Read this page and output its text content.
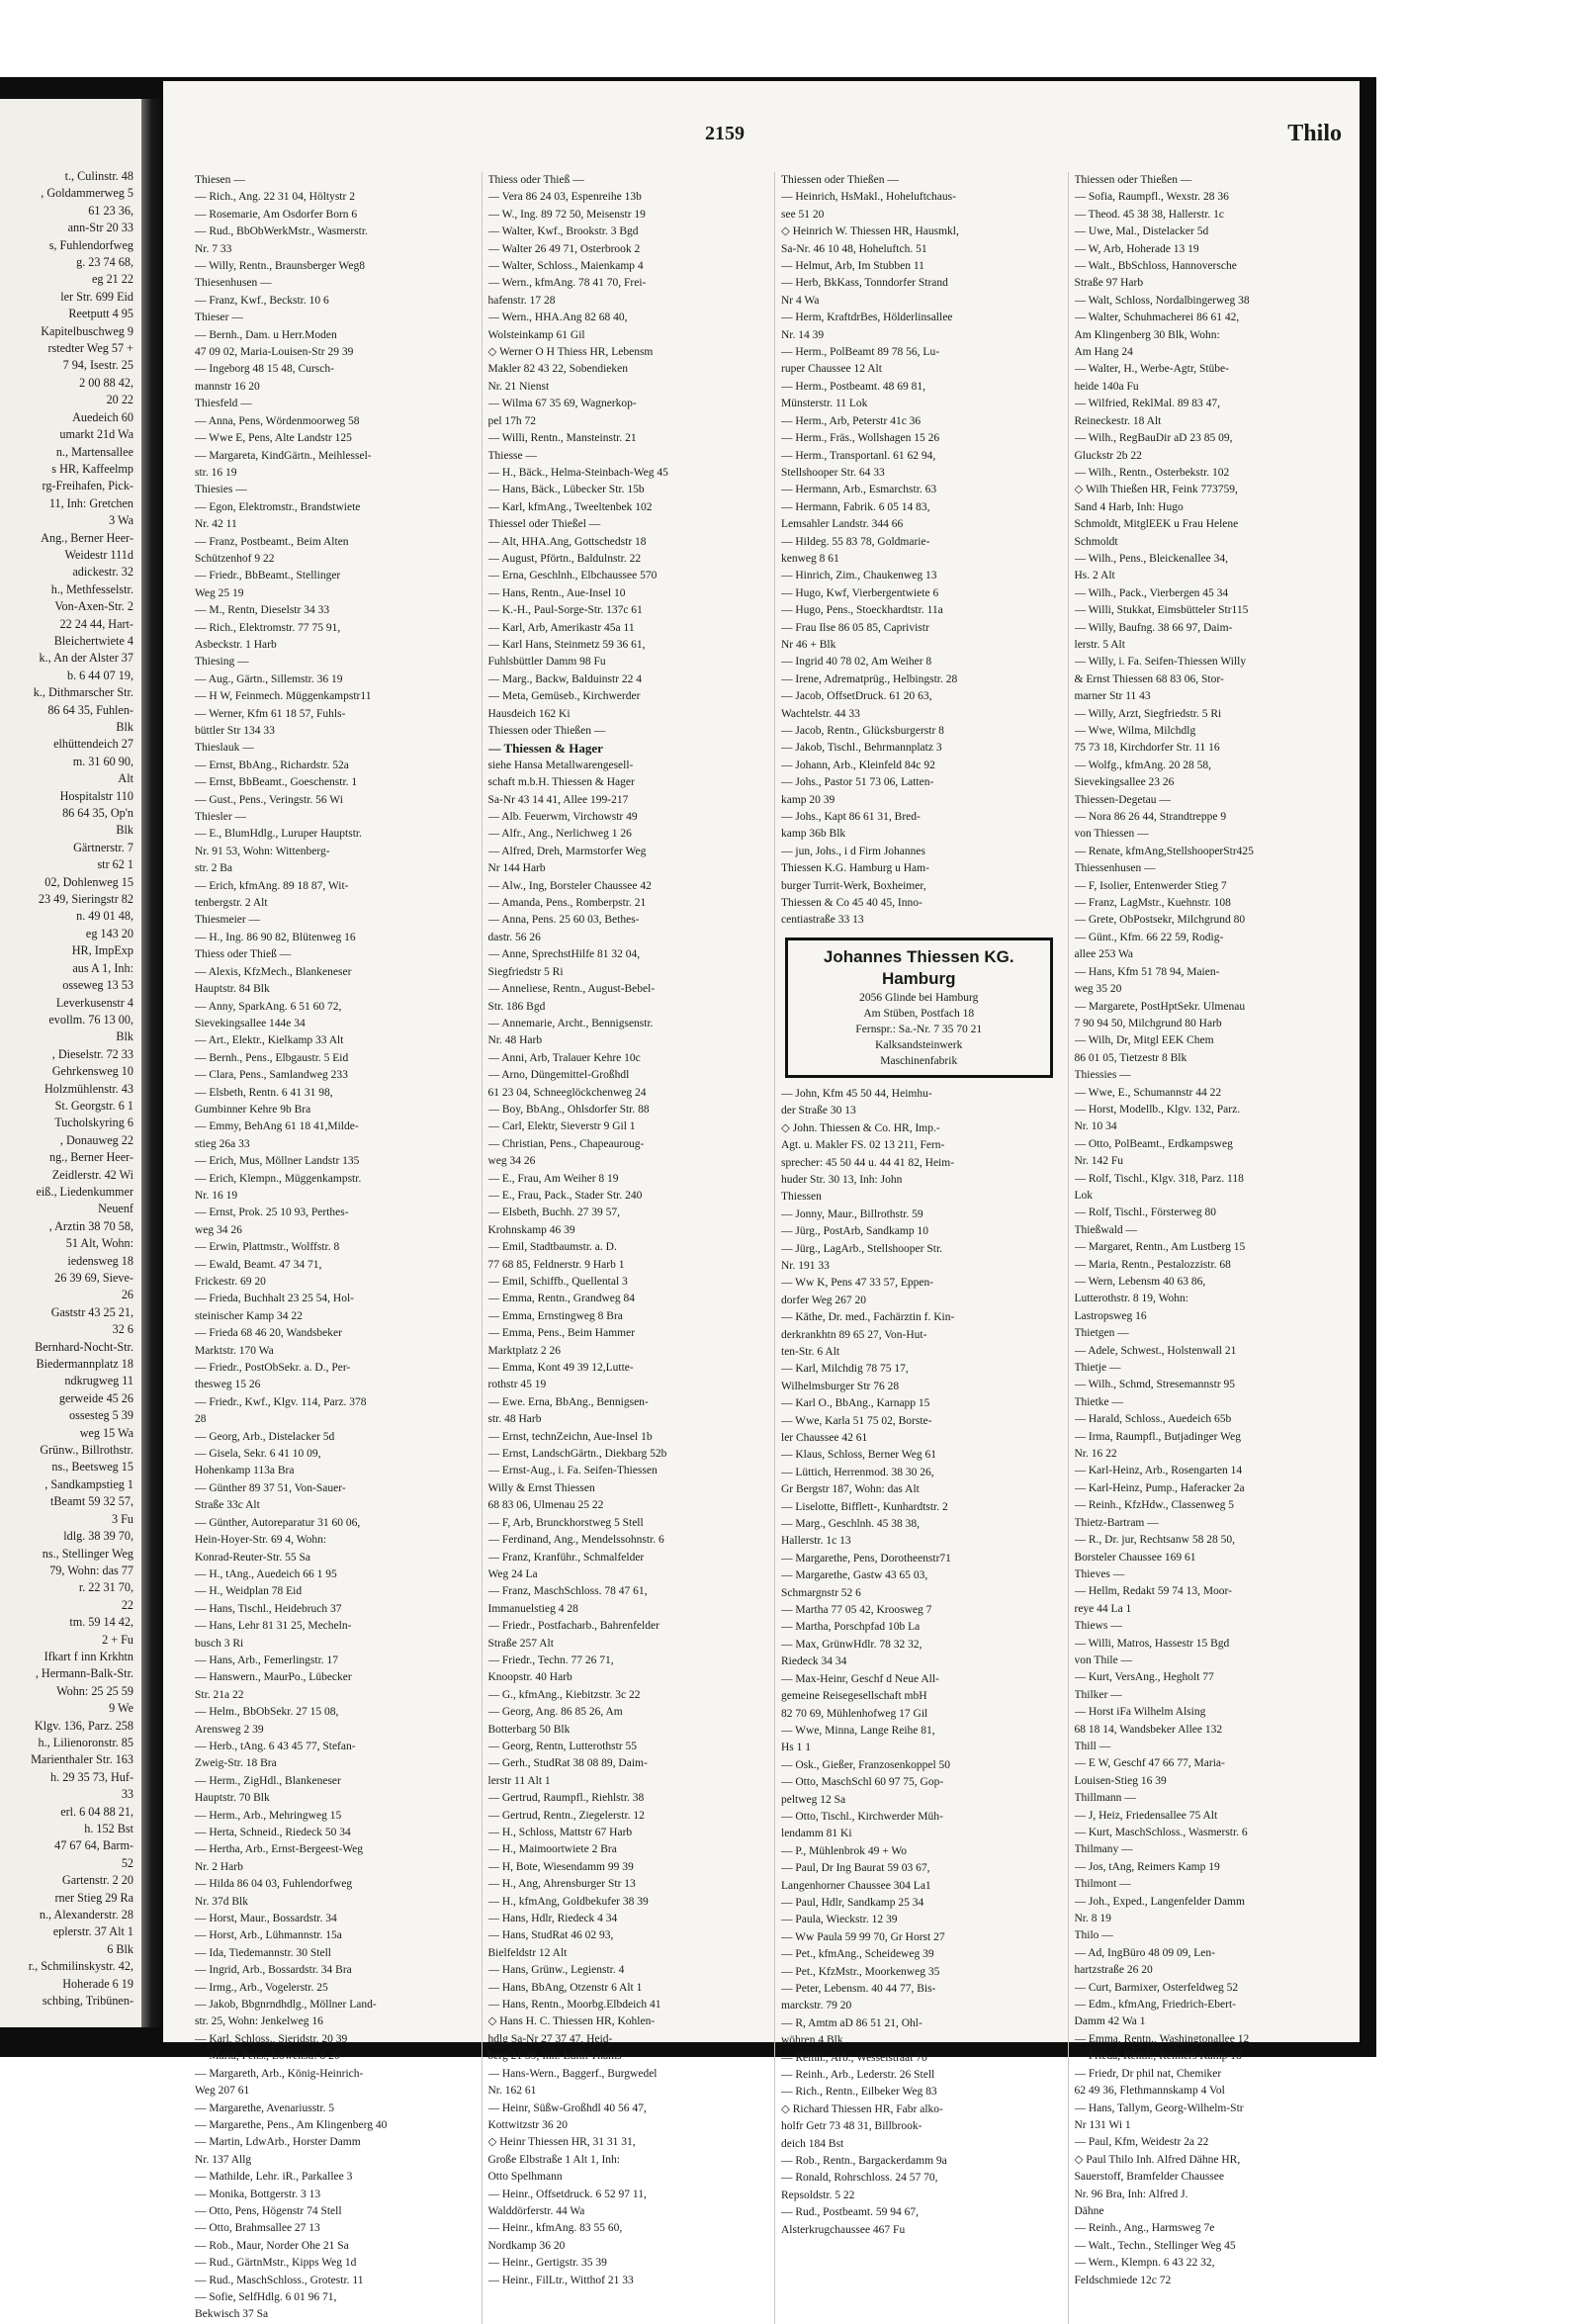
t., Culinstr. 48
, Goldammerweg 5
61 23 36,
ann-Str 20 33
s, Fuhlendorfweg
g. 23 74 68,
eg 21 22
ler Str. 699 Eid
Reetputt 4 95
Kapitelbuschweg 9
rstedter Weg 57 +
7 94, Isestr. 25
2 00 88 42,
20 22
Auedeich 60
umarkt 21d Wa
n., Martensallee
s HR, Kaffeelmp
rg-Freihafen, Pick-
11, Inh: Gretchen
3 Wa
Ang., Berner Heer-
Weidestr 111d
adickestr. 32
h., Methfesselstr.
Von-Axen-Str. 2
22 24 44, Hart-
Bleichertwiete 4
k., An der Alster 37
b. 6 44 07 19,
k., Dithmarscher Str.
86 64 35, Fuhlen-
Blk
elhüttendeich 27
m. 31 60 90,
Alt
Hospitalstr 110
86 64 35, Op'n
Blk
Gärtnerstr. 7
str 62 1
02, Dohlenweg 15
23 49, Sieringstr 82
n. 49 01 48,
eg 143 20
HR, ImpExp
aus A 1, Inh:
osseweg 13 53
Leverkusenstr 4
evollm. 76 13 00,
Blk
, Dieselstr. 72 33
Gehrkensweg 10
Holzmühlenstr. 43
St. Georgstr. 6 1
Tucholskyring 6
, Donauweg 22
ng., Berner Heer-
Zeidlerstr. 42 Wi
eiß., Liedenkummer
Neuenf
, Arztin 38 70 58,
51 Alt, Wohn:
iedensweg 18
26 39 69, Sieve-
26
Gaststr 43 25 21,
32 6
Bernhard-Nocht-Str.
Biedermannplatz 18
ndkrugweg 11
gerweide 45 26
ossesteg 5 39
weg 15 Wa
Grünw., Billrothstr.
ns., Beetsweg 15
, Sandkampstieg 1
tBeamt 59 32 57,
3 Fu
ldlg. 38 39 70,
ns., Stellinger Weg
79, Wohn: das 77
r. 22 31 70,
22
tm. 59 14 42,
2 + Fu
Ifkart f inn Krkhtn
, Hermann-Balk-Str.
Wohn: 25 25 59
9 We
Klgv. 136, Parz. 258
h., Lilienoronstr. 85
Marienthaler Str. 163
h. 29 35 73, Huf-
33
erl. 6 04 88 21,
h. 152 Bst
47 67 64, Barm-
52
Gartenstr. 2 20
rner Stieg 29 Ra
n., Alexanderstr. 28
eplerstr. 37 Alt 1
6 Blk
r., Schmilinskystr. 42,
Hoherade 6 19
schbing, Tribünen-
2159	Thilo
Thiesen —
— Rich., Ang. 22 31 04, Höltystr 2
— Rosemarie, Am Osdorfer Born 6
— Rud., BbObWerkMstr., Wasmerstr.
Nr. 7 33
— Willy, Rentn., Braunsberger Weg8
Thiesenhusen —
— Franz, Kwf., Beckstr. 10 6
Thieser —
— Bernh., Dam. u Herr.Moden
47 09 02, Maria-Louisen-Str 29 39
— Ingeborg 48 15 48, Cursch-
mannstr 16 20
Thiesfeld —
— Anna, Pens, Wördenmoorweg 58
— Wwe E, Pens, Alte Landstr 125
— Margareta, KindGärtn., Meihlessel-
str. 16 19
Thiesies —
— Egon, Elektromstr., Brandstwiete
Nr. 42 11
— Franz, Postbeamt., Beim Alten
Schützenhof 9 22
— Friedr., BbBeamt., Stellinger
Weg 25 19
— M., Rentn, Dieselstr 34 33
— Rich., Elektromstr. 77 75 91,
Asbeckstr. 1 Harb
Thiesing —
— Aug., Gärtn., Sillemstr. 36 19
— H W, Feinmech. Müggenkampstr11
— Werner, Kfm 61 18 57, Fuhls-
büttler Str 134 33
Thieslauk —
— Ernst, BbAng., Richardstr. 52a
— Ernst, BbBeamt., Goeschenstr. 1
— Gust., Pens., Veringstr. 56 Wi
Thiesler —
— E., BlumHdlg., Luruper Hauptstr.
Nr. 91 53, Wohn: Wittenberg-
str. 2 Ba
— Erich, kfmAng. 89 18 87, Wit-
tenbergstr. 2 Alt
Thiesmeier —
— H., Ing. 86 90 82, Blütenweg 16
Thiess oder Thieß —
— Alexis, KfzMech., Blankeneser
Hauptstr. 84 Blk
— Anny, SparkAng. 6 51 60 72,
Sievekingsallee 144e 34
— Art., Elektr., Kielkamp 33 Alt
— Bernh., Pens., Elbgaustr. 5 Eid
— Clara, Pens., Samlandweg 233
— Elsbeth, Rentn. 6 41 31 98,
Gumbinner Kehre 9b Bra
— Emmy, BehAng 61 18 41,Milde-
stieg 26a 33
— Erich, Mus, Möllner Landstr 135
— Erich, Klempn., Müggenkampstr.
Nr. 16 19
— Ernst, Prok. 25 10 93, Perthes-
weg 34 26
— Erwin, Plattmstr., Wolffstr. 8
— Ewald, Beamt. 47 34 71,
Frickestr. 69 20
— Frieda, Buchhalt 23 25 54, Hol-
steinischer Kamp 34 22
— Frieda 68 46 20, Wandsbeker
Marktstr. 170 Wa
— Friedr., PostObSekr. a. D., Per-
thesweg 15 26
— Friedr., Kwf., Klgv. 114, Parz. 378
28
— Georg, Arb., Distelacker 5d
— Gisela, Sekr. 6 41 10 09,
Hohenkamp 113a Bra
— Günther 89 37 51, Von-Sauer-
Straße 33c Alt
— Günther, Autoreparatur 31 60 06,
Hein-Hoyer-Str. 69 4, Wohn:
Konrad-Reuter-Str. 55 Sa
— H., tAng., Auedeich 66 1 95
— H., Weidplan 78 Eid
— Hans, Tischl., Heidebruch 37
— Hans, Lehr 81 31 25, Mecheln-
busch 3 Ri
— Hans, Arb., Femerlingstr. 17
— Hanswern., MaurPo., Lübecker
Str. 21a 22
— Helm., BbObSekr. 27 15 08,
Arensweg 2 39
— Herb., tAng. 6 43 45 77, Stefan-
Zweig-Str. 18 Bra
— Herm., ZigHdl., Blankeneser
Hauptstr. 70 Blk
— Herm., Arb., Mehringweg 15
— Herta, Schneid., Riedeck 50 34
— Hertha, Arb., Ernst-Bergeest-Weg
Nr. 2 Harb
— Hilda 86 04 03, Fuhlendorfweg
Nr. 37d Blk
— Horst, Maur., Bossardstr. 34
— Horst, Arb., Lühmannstr. 15a
— Ida, Tiedemannstr. 30 Stell
— Ingrid, Arb., Bossardstr. 34 Bra
— Irmg., Arb., Vogelerstr. 25
— Jakob, Bbgnrndhdlg., Möllner Land-
str. 25, Wohn: Jenkelweg 16
— Karl, Schloss., Sieridstr. 20 39
— Maria, Pens., Löwenstr. 8 20
— Margareth, Arb., König-Heinrich-
Weg 207 61
— Margarethe, Avenariusstr. 5
— Margarethe, Pens., Am Klingenberg 40
— Martin, LdwArb., Horster Damm
Nr. 137 Allg
— Mathilde, Lehr. iR., Parkallee 3
— Monika, Bottgerstr. 3 13
— Otto, Pens, Högenstr 74 Stell
— Otto, Brahmsallee 27 13
— Rob., Maur, Norder Ohe 21 Sa
— Rud., GärtnMstr., Kipps Weg 1d
— Rud., MaschSchloss., Grotestr. 11
— Sofie, SelfHdlg. 6 01 96 71,
Bekwisch 37 Sa
Thiess oder Thieß —
— Vera 86 24 03, Espenreihe 13b
— W., Ing. 89 72 50, Meisenstr 19
— Walter, Kwf., Brookstr. 3 Bgd
— Walter 26 49 71, Osterbrook 2
— Walter, Schloss., Maienkamp 4
— Wern., kfmAng. 78 41 70, Frei-
hafenstr. 17 28
— Wern., HHA.Ang 82 68 40,
Wolsteinkamp 61 Gil
◇ Werner O H Thiess HR, Lebensm
Makler 82 43 22, Sobendieken
Nr. 21 Nienst
— Wilma 67 35 69, Wagnerkop-
pel 17h 72
— Willi, Rentn., Mansteinstr. 21
Thiesse —
— H., Bäck., Helma-Steinbach-Weg 45
— Hans, Bäck., Lübecker Str. 15b
— Karl, kfmAng., Tweeltenbek 102
Thiessel oder Thießel —
— Alt, HHA.Ang, Gottschedstr 18
— August, Pförtn., Baldulnstr. 22
— Erna, Geschlnh., Elbchaussee 570
— Hans, Rentn., Aue-Insel 10
— K.-H., Paul-Sorge-Str. 137c 61
— Karl, Arb, Amerikastr 45a 11
— Karl Hans, Steinmetz 59 36 61,
Fuhlsbüttler Damm 98 Fu
— Marg., Backw, Balduinstr 22 4
— Meta, Gemüseb., Kirchwerder
Hausdeich 162 Ki
Thiessen oder Thießen —
— Thiessen & Hager
siehe Hansa Metallwarengesell-
schaft m.b.H. Thiessen & Hager
Sa-Nr 43 14 41, Allee 199-217
— Alb. Feuerwm, Virchowstr 49
— Alfr., Ang., Nerlichweg 1 26
— Alfred, Dreh, Marmstorfer Weg
Nr 144 Harb
— Alw., Ing, Borsteler Chaussee 42
— Amanda, Pens., Romberpstr. 21
— Anna, Pens. 25 60 03, Bethes-
dastr. 56 26
— Anne, SprechstHilfe 81 32 04,
Siegfriedstr 5 Ri
— Anneliese, Rentn., August-Bebel-
Str. 186 Bgd
— Annemarie, Archt., Bennigsenstr.
Nr. 48 Harb
— Anni, Arb, Tralauer Kehre 10c
— Arno, Düngemittel-Großhdl
61 23 04, Schneeglöckchenweg 24
— Boy, BbAng., Ohlsdorfer Str. 88
— Carl, Elektr, Sieverstr 9 Gil 1
— Christian, Pens., Chapeauroug-
weg 34 26
— E., Frau, Am Weiher 8 19
— E., Frau, Pack., Stader Str. 240
— Elsbeth, Buchh. 27 39 57,
Krohnskamp 46 39
— Emil, Stadtbaumstr. a. D.
77 68 85, Feldnerstr. 9 Harb 1
— Emil, Schiffb., Quellental 3
— Emma, Rentn., Grandweg 84
— Emma, Ernstingweg 8 Bra
— Emma, Pens., Beim Hammer
Marktplatz 2 26
— Emma, Kont 49 39 12,Lutte-
rothstr 45 19
— Ewe. Erna, BbAng., Bennigsen-
str. 48 Harb
— Ernst, technZeichn, Aue-Insel 1b
— Ernst, LandschGärtn., Diekbarg 52b
— Ernst-Aug., i. Fa. Seifen-Thiessen
Willy & Ernst Thiessen
68 83 06, Ulmenau 25 22
— F, Arb, Brunckhorstweg 5 Stell
— Ferdinand, Ang., Mendelssohnstr. 6
— Franz, Kranführ., Schmalfelder
Weg 24 La
— Franz, MaschSchloss. 78 47 61,
Immanuelstieg 4 28
— Friedr., Postfacharb., Bahrenfelder
Straße 257 Alt
— Friedr., Techn. 77 26 71,
Knoopstr. 40 Harb
— G., kfmAng., Kiebitzstr. 3c 22
— Georg, Ang. 86 85 26, Am
Botterbarg 50 Blk
— Georg, Rentn, Lutterothstr 55
— Gerh., StudRat 38 08 89, Daim-
lerstr 11 Alt 1
— Gertrud, Raumpfl., Riehlstr. 38
— Gertrud, Rentn., Ziegelerstr. 12
— H., Schloss, Mattstr 67 Harb
— H., Maimoortwiete 2 Bra
— H, Bote, Wiesendamm 99 39
— H., Ang, Ahrensburger Str 13
— H., kfmAng, Goldbekufer 38 39
— Hans, Hdlr, Riedeck 4 34
— Hans, StudRat 46 02 93,
Bielfeldstr 12 Alt
— Hans, Grünw., Legienstr. 4
— Hans, BbAng, Otzenstr 6 Alt 1
— Hans, Rentn., Moorbg.Elbdeich 41
◇ Hans H. C. Thiessen HR, Kohlen-
hdlg Sa-Nr 27 37 47, Heid-
berg 21 39, Inh: Edith Thams
— Hans-Wern., Baggerf., Burgwedel
Nr. 162 61
— Heinr, Süßw-Großhdl 40 56 47,
Kottwitzstr 36 20
◇ Heinr Thiessen HR, 31 31 31,
Große Elbstraße 1 Alt 1, Inh:
Otto Spelhmann
— Heinr., Offsetdruck. 6 52 97 11,
Walddörferstr. 44 Wa
— Heinr., kfmAng. 83 55 60,
Nordkamp 36 20
— Heinr., Gertigstr. 35 39
— Heinr., FilLtr., Witthof 21 33
Thiessen oder Thießen —
— Heinrich, HsMakl., Hoheluftchaus-
see 51 20
◇ Heinrich W. Thiessen HR, Hausmkl,
Sa-Nr. 46 10 48, Hoheluftch. 51
— Helmut, Arb, Im Stubben 11
— Herb, BkKass, Tonndorfer Strand
Nr 4 Wa
— Herm, KraftdrBes, Hölderlinsallee
Nr. 14 39
— Herm., PolBeamt 89 78 56, Lu-
ruper Chaussee 12 Alt
— Herm., Postbeamt. 48 69 81,
Münsterstr. 11 Lok
— Herm., Arb, Peterstr 41c 36
— Herm., Fräs., Wollshagen 15 26
— Herm., Transportanl. 61 62 94,
Stellshooper Str. 64 33
— Hermann, Arb., Esmarchstr. 63
— Hermann, Fabrik. 6 05 14 83,
Lemsahler Landstr. 344 66
— Hildeg. 55 83 78, Goldmarie-
kenweg 8 61
— Hinrich, Zim., Chaukenweg 13
— Hugo, Kwf, Vierbergentwiete 6
— Hugo, Pens., Stoeckhardtstr. 11a
— Frau Ilse 86 05 85, Caprivistr
Nr 46 + Blk
— Ingrid 40 78 02, Am Weiher 8
— Irene, Adrematprüg., Helbingstr. 28
— Jacob, OffsetDruck. 61 20 63,
Wachtelstr. 44 33
— Jacob, Rentn., Glücksburgerstr 8
— Jakob, Tischl., Behrmannplatz 3
— Johann, Arb., Kleinfeld 84c 92
— Johs., Pastor 51 73 06, Latten-
kamp 20 39
— Johs., Kapt 86 61 31, Bred-
kamp 36b Blk
— jun, Johs., i d Firm Johannes
Thiessen K.G. Hamburg u Ham-
burger Turrit-Werk, Boxheimer,
Thiessen & Co 45 40 45, Inno-
centiastraße 33 13
Johannes Thiessen KG.
Hamburg
2056 Glinde bei Hamburg
Am Stüben, Postfach 18
Fernspr.: Sa.-Nr. 7 35 70 21
Kalksandsteinwerk
Maschinenfabrik
— John, Kfm 45 50 44, Heimhu-
der Straße 30 13
◇ John. Thiessen & Co. HR, Imp.-
Agt. u. Makler FS. 02 13 211, Fern-
sprecher: 45 50 44 u. 44 41 82, Heim-
huder Str. 30 13, Inh: John
Thiessen
— Jonny, Maur., Billrothstr. 59
— Jürg., PostArb, Sandkamp 10
— Jürg., LagArb., Stellshooper Str.
Nr. 191 33
— Ww K, Pens 47 33 57, Eppen-
dorfer Weg 267 20
— Käthe, Dr. med., Fachärztin f. Kin-
derkrankhtn 89 65 27, Von-Hut-
ten-Str. 6 Alt
— Karl, Milchdig 78 75 17,
Wilhelmsburger Str 76 28
— Karl O., BbAng., Karnapp 15
— Wwe, Karla 51 75 02, Borste-
ler Chaussee 42 61
— Klaus, Schloss, Berner Weg 61
— Lüttich, Herrenmod. 38 30 26,
Gr Bergstr 187, Wohn: das Alt
— Liselotte, Bifflett-, Kunhardtstr. 2
— Marg., Geschlnh. 45 38 38,
Hallerstr. 1c 13
— Margarethe, Pens, Dorotheenstr71
— Margarethe, Gastw 43 65 03,
Schmargnstr 52 6
— Martha 77 05 42, Kroosweg 7
— Martha, Porschpfad 10b La
— Max, GrünwHdlr. 78 32 32,
Riedeck 34 34
— Max-Heinr, Geschf d Neue All-
gemeine Reisegesellschaft mbH
82 70 69, Mühlenhofweg 17 Gil
— Wwe, Minna, Lange Reihe 81,
Hs 1 1
— Osk., Gießer, Franzosenkoppel 50
— Otto, MaschSchl 60 97 75, Gop-
peltweg 12 Sa
— Otto, Tischl., Kirchwerder Müh-
lendamm 81 Ki
— P., Mühlenbrok 49 + Wo
— Paul, Dr Ing Baurat 59 03 67,
Langenhorner Chaussee 304 La1
— Paul, Hdlr, Sandkamp 25 34
— Paula, Wieckstr. 12 39
— Ww Paula 59 99 70, Gr Horst 27
— Pet., kfmAng., Scheideweg 39
— Pet., KfzMstr., Moorkenweg 35
— Peter, Lebensm. 40 44 77, Bis-
marckstr. 79 20
— R, Amtm aD 86 51 21, Ohl-
wöhren 4 Blk
— Reinh., Arb., Wesselstraat 70
— Reinh., Arb., Lederstr. 26 Stell
— Rich., Rentn., Eilbeker Weg 83
◇ Richard Thiessen HR, Fabr alko-
holfr Getr 73 48 31, Billbrook-
deich 184 Bst
— Rob., Rentn., Bargackerdamm 9a
— Ronald, Rohrschloss. 24 57 70,
Repsoldstr. 5 22
— Rud., Postbeamt. 59 94 67,
Alsterkrugchaussee 467 Fu
Thiessen oder Thießen —
— Sofia, Raumpfl., Wexstr. 28 36
— Theod. 45 38 38, Hallerstr. 1c
— Uwe, Mal., Distelacker 5d
— W, Arb, Hoherade 13 19
— Walt., BbSchloss, Hannoversche
Straße 97 Harb
— Walt, Schloss, Nordalbingerweg 38
— Walter, Schuhmacherei 86 61 42,
Am Klingenberg 30 Blk, Wohn:
Am Hang 24
— Walter, H., Werbe-Agtr, Stübe-
heide 140a Fu
— Wilfried, ReklMal. 89 83 47,
Reineckestr. 18 Alt
— Wilh., RegBauDir aD 23 85 09,
Gluckstr 2b 22
— Wilh., Rentn., Osterbekstr. 102
◇ Wilh Thießen HR, Feink 773759,
Sand 4 Harb, Inh: Hugo
Schmoldt, MitglEEK u Frau Helene
Schmoldt
— Wilh., Pens., Bleickenallee 34,
Hs. 2 Alt
— Wilh., Pack., Vierbergen 45 34
— Willi, Stukkat, Eimsbütteler Str115
— Willy, Baufng. 38 66 97, Daim-
lerstr. 5 Alt
— Willy, i. Fa. Seifen-Thiessen Willy
& Ernst Thiessen 68 83 06, Stor-
marner Str 11 43
— Willy, Arzt, Siegfriedstr. 5 Ri
— Wwe, Wilma, Milchdlg
75 73 18, Kirchdorfer Str. 11 16
— Wolfg., kfmAng. 20 28 58,
Sievekingsallee 23 26
Thiessen-Degetau —
— Nora 86 26 44, Strandtreppe 9
von Thiessen —
— Renate, kfmAng,StellshooperStr425
Thiessenhusen —
— F, Isolier, Entenwerder Stieg 7
— Franz, LagMstr., Kuehnstr. 108
— Grete, ObPostsekr, Milchgrund 80
— Günt., Kfm. 66 22 59, Rodig-
allee 253 Wa
— Hans, Kfm 51 78 94, Maien-
weg 35 20
— Margarete, PostHptSekr. Ulmenau
7 90 94 50, Milchgrund 80 Harb
— Wilh, Dr, Mitgl EEK Chem
86 01 05, Tietzestr 8 Blk
Thiessies —
— Wwe, E., Schumannstr 44 22
— Horst, Modellb., Klgv. 132, Parz.
Nr. 10 34
— Otto, PolBeamt., Erdkampsweg
Nr. 142 Fu
— Rolf, Tischl., Klgv. 318, Parz. 118
Lok
— Rolf, Tischl., Försterweg 80
Thießwald —
— Margaret, Rentn., Am Lustberg 15
— Maria, Rentn., Pestalozzistr. 68
— Wern, Lebensm 40 63 86,
Lutterothstr. 8 19, Wohn:
Lastropsweg 16
Thietgen —
— Adele, Schwest., Holstenwall 21
Thietje —
— Wilh., Schmd, Stresemannstr 95
Thietke —
— Harald, Schloss., Auedeich 65b
— Irma, Raumpfl., Butjadinger Weg
Nr. 16 22
— Karl-Heinz, Arb., Rosengarten 14
— Karl-Heinz, Pump., Haferacker 2a
— Reinh., KfzHdw., Classenweg 5
Thietz-Bartram —
— R., Dr. jur, Rechtsanw 58 28 50,
Borsteler Chaussee 169 61
Thieves —
— Hellm, Redakt 59 74 13, Moor-
reye 44 La 1
Thiews —
— Willi, Matros, Hassestr 15 Bgd
von Thile —
— Kurt, VersAng., Hegholt 77
Thilker —
— Horst iFa Wilhelm Alsing
68 18 14, Wandsbeker Allee 132
Thill —
— E W, Geschf 47 66 77, Maria-
Louisen-Stieg 16 39
Thillmann —
— J, Heiz, Friedensallee 75 Alt
— Kurt, MaschSchloss., Wasmerstr. 6
Thilmany —
— Jos, tAng, Reimers Kamp 19
Thilmont —
— Joh., Exped., Langenfelder Damm
Nr. 8 19
Thilo —
— Ad, IngBüro 48 09 09, Len-
hartzstraße 26 20
— Curt, Barmixer, Osterfeldweg 52
— Edm., kfmAng, Friedrich-Ebert-
Damm 42 Wa 1
— Emma, Rentn., Washingtonallee 12
— Frieda, Rentn., Reimers Kamp 18
— Friedr, Dr phil nat, Chemiker
62 49 36, Flethmannskamp 4 Vol
— Hans, Tallym, Georg-Wilhelm-Str
Nr 131 Wi 1
— Paul, Kfm, Weidestr 2a 22
◇ Paul Thilo Inh. Alfred Dähne HR,
Sauerstoff, Bramfelder Chaussee
Nr. 96 Bra, Inh: Alfred J.
Dähne
— Reinh., Ang., Harmsweg 7e
— Walt., Techn., Stellinger Weg 45
— Wern., Klempn. 6 43 22 32,
Feldschmiede 12c 72
